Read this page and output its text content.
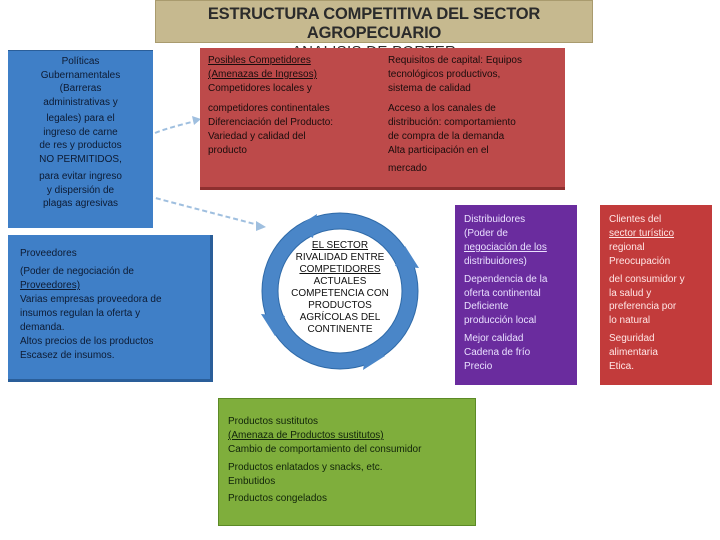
ESTRUCTURA COMPETITIVA DEL SECTOR AGROPECUARIO
Políticas
Gubernamentales
(Barreras
administrativas y
legales) para el
ingreso de carne
de res y productos
NO PERMITIDOS,
para evitar ingreso
y dispersión de
plagas agresivas
Posibles Competidores
(Amenazas de Ingresos)
Competidores locales y
competidores continentales
Diferenciación del Producto:
Variedad y calidad del
producto
Requisitos de capital: Equipos
tecnológicos productivos,
sistema de calidad
Acceso a los canales de
distribución: comportamiento
de compra de la demanda
Alta participación en el
mercado
Proveedores
(Poder de negociación de
Proveedores)
Varias empresas proveedora de
insumos regulan la oferta y
demanda.
Altos precios de los productos
Escasez de insumos.
EL SECTOR
RIVALIDAD ENTRE
COMPETIDORES
ACTUALES
COMPETENCIA CON
PRODUCTOS
AGRÍCOLAS DEL
CONTINENTE
Distribuidores
(Poder de
negociación de los
distribuidores)
Dependencia de la
oferta continental
Deficiente
producción local
Mejor calidad
Cadena de frío
Precio
Clientes del
sector turístico
regional
Preocupación
del consumidor y
la salud y
preferencia por
lo natural
Seguridad
alimentaria
Etica.
Productos sustitutos
(Amenaza de Productos sustitutos)
Cambio de comportamiento del consumidor
Productos enlatados y snacks, etc.
Embutidos
Productos congelados
